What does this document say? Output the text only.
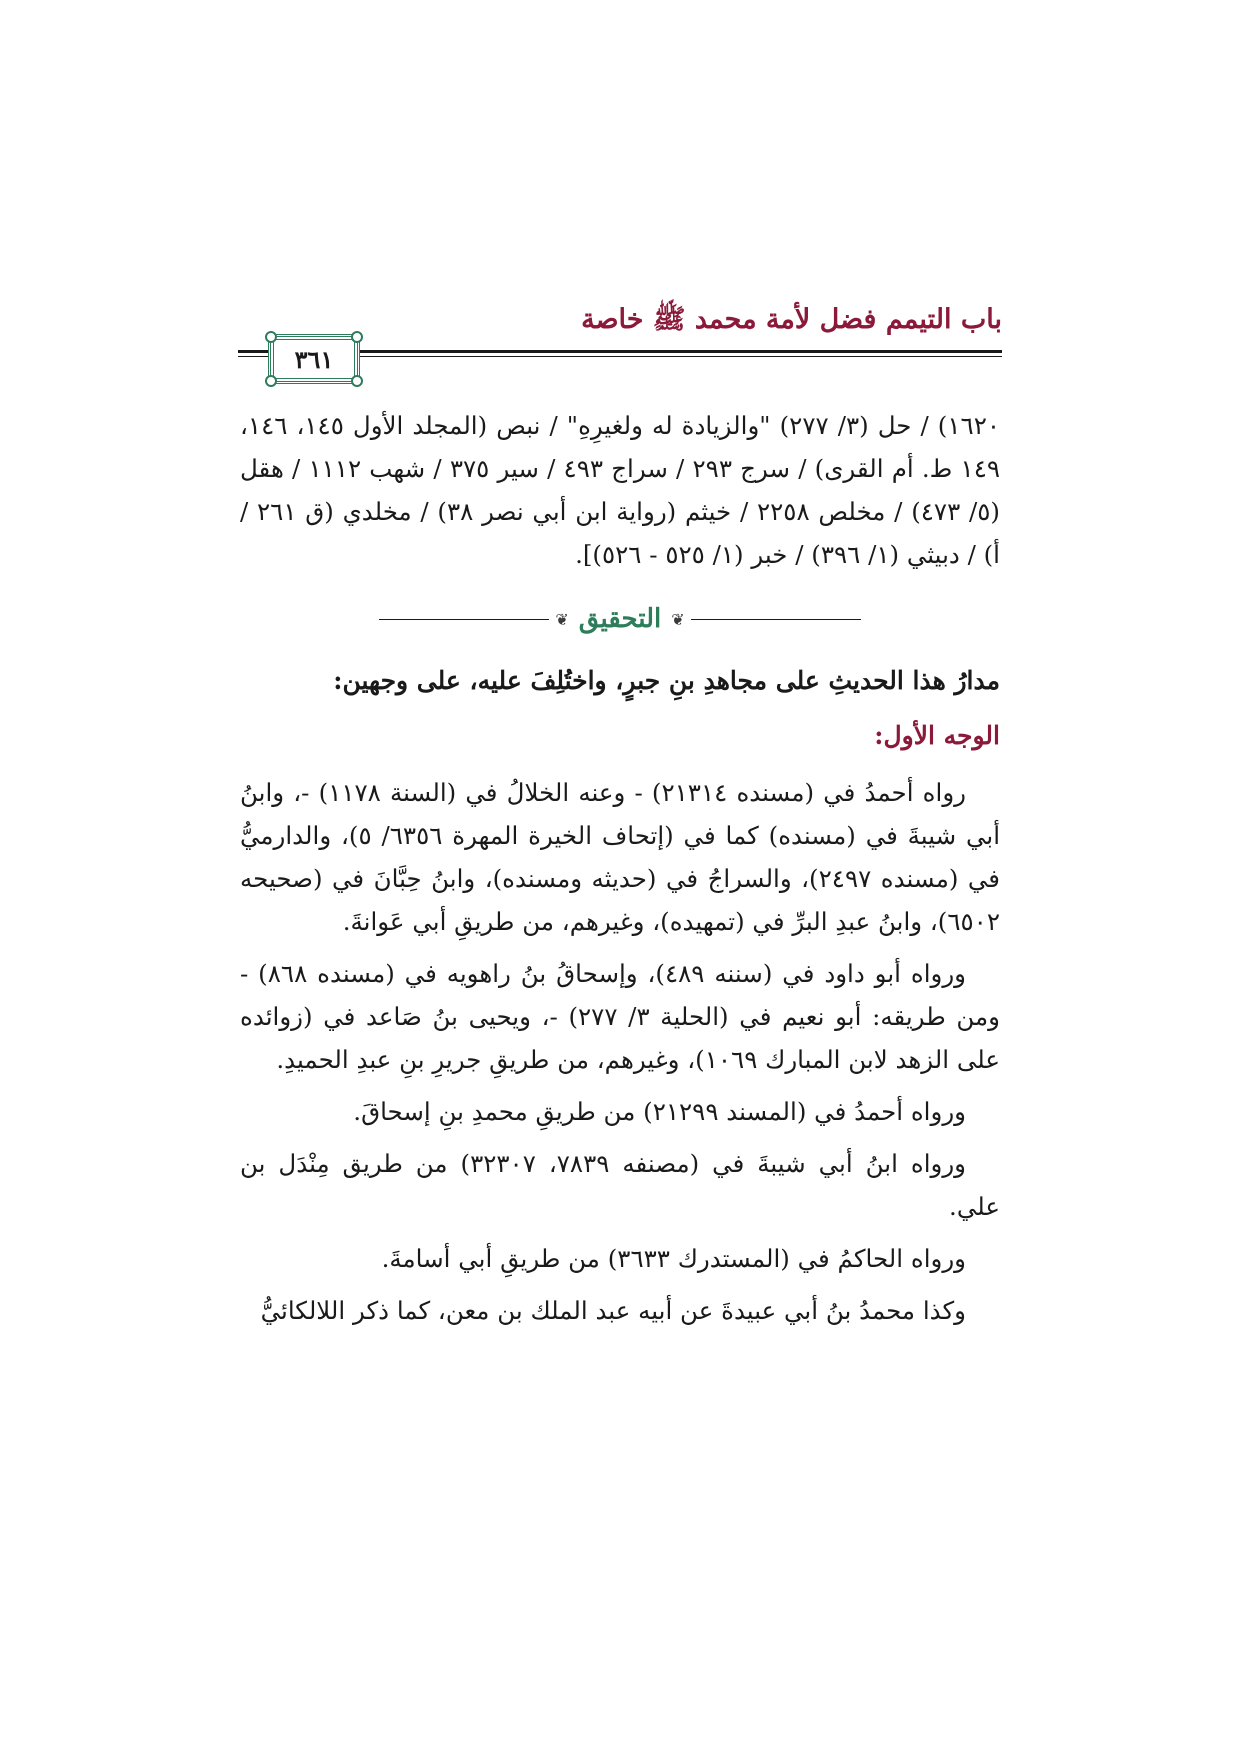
باب التيمم فضل لأمة محمد ﷺ خاصة
٣٦١

١٦٢٠) / حل (٣/ ٢٧٧) "والزيادة له ولغيرِهِ" / نبص (المجلد الأول ١٤٥، ١٤٦، ١٤٩ ط. أم القرى) / سرج ٢٩٣ / سراج ٤٩٣ / سير ٣٧٥ / شهب ١١١٢ / هقل (٥/ ٤٧٣) / مخلص ٢٢٥٨ / خيثم (رواية ابن أبي نصر ٣٨) / مخلدي (ق ٢٦١ / أ) / دبيثي (١/ ٣٩٦) / خبر (١/ ٥٢٥ - ٥٢٦)].

❦
التحقيق
❦

مدارُ هذا الحديثِ على مجاهدِ بنِ جبرٍ، واختُلِفَ عليه، على وجهين:

الوجه الأول:

رواه أحمدُ في (مسنده ٢١٣١٤) - وعنه الخلالُ في (السنة ١١٧٨) -، وابنُ أبي شيبةَ في (مسنده) كما في (إتحاف الخيرة المهرة ٦٣٥٦/ ٥)، والدارميُّ في (مسنده ٢٤٩٧)، والسراجُ في (حديثه ومسنده)، وابنُ حِبَّانَ في (صحيحه ٦٥٠٢)، وابنُ عبدِ البرِّ في (تمهيده)، وغيرهم، من طريقِ أبي عَوانةَ.

ورواه أبو داود في (سننه ٤٨٩)، وإسحاقُ بنُ راهويه في (مسنده ٨٦٨) - ومن طريقه: أبو نعيم في (الحلية ٣/ ٢٧٧) -، ويحيى بنُ صَاعد في (زوائده على الزهد لابن المبارك ١٠٦٩)، وغيرهم، من طريقِ جريرِ بنِ عبدِ الحميدِ.

ورواه أحمدُ في (المسند ٢١٢٩٩) من طريقِ محمدِ بنِ إسحاقَ.

ورواه ابنُ أبي شيبةَ في (مصنفه ٧٨٣٩، ٣٢٣٠٧) من طريق مِنْدَل بن علي.

ورواه الحاكمُ في (المستدرك ٣٦٣٣) من طريقِ أبي أسامةَ.

وكذا محمدُ بنُ أبي عبيدةَ عن أبيه عبد الملك بن معن، كما ذكر اللالكائيُّ
